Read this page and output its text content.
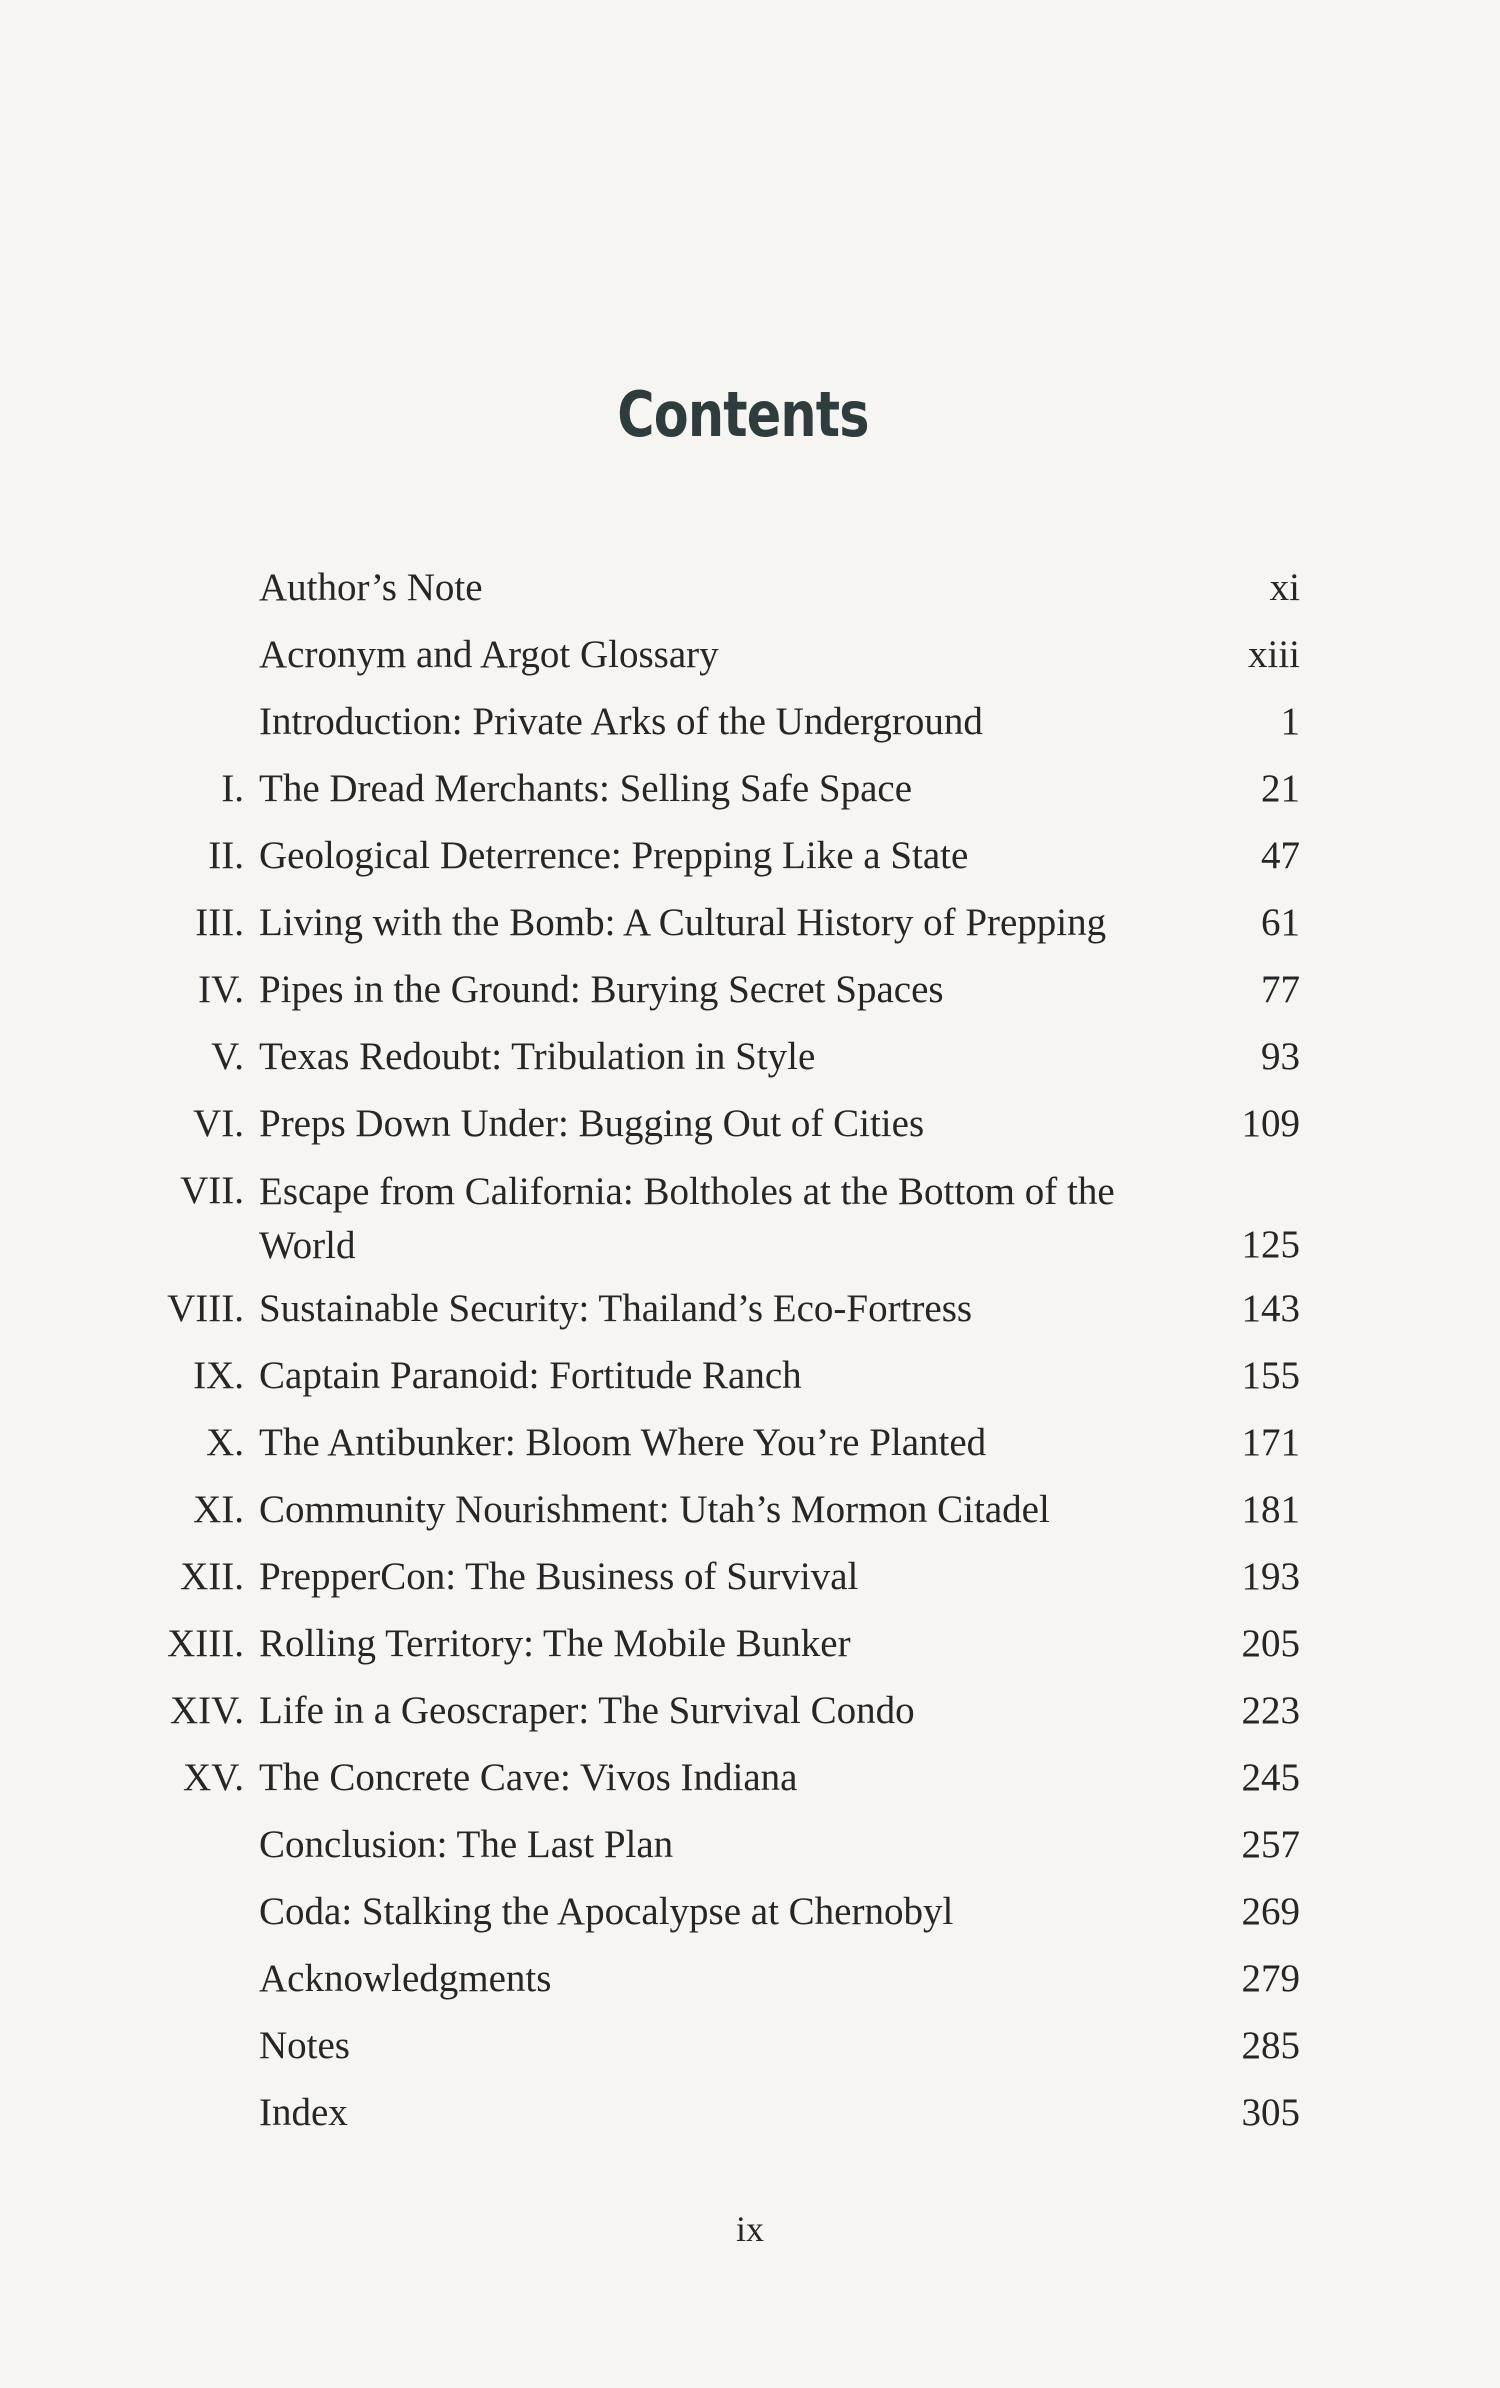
Contents
Author’s Note	xi
Acronym and Argot Glossary	xiii
Introduction: Private Arks of the Underground	1
I. The Dread Merchants: Selling Safe Space	21
II. Geological Deterrence: Prepping Like a State	47
III. Living with the Bomb: A Cultural History of Prepping	61
IV. Pipes in the Ground: Burying Secret Spaces	77
V. Texas Redoubt: Tribulation in Style	93
VI. Preps Down Under: Bugging Out of Cities	109
VII. Escape from California: Boltholes at the Bottom of the World	125
VIII. Sustainable Security: Thailand’s Eco-Fortress	143
IX. Captain Paranoid: Fortitude Ranch	155
X. The Antibunker: Bloom Where You’re Planted	171
XI. Community Nourishment: Utah’s Mormon Citadel	181
XII. PrepperCon: The Business of Survival	193
XIII. Rolling Territory: The Mobile Bunker	205
XIV. Life in a Geoscraper: The Survival Condo	223
XV. The Concrete Cave: Vivos Indiana	245
Conclusion: The Last Plan	257
Coda: Stalking the Apocalypse at Chernobyl	269
Acknowledgments	279
Notes	285
Index	305
ix
